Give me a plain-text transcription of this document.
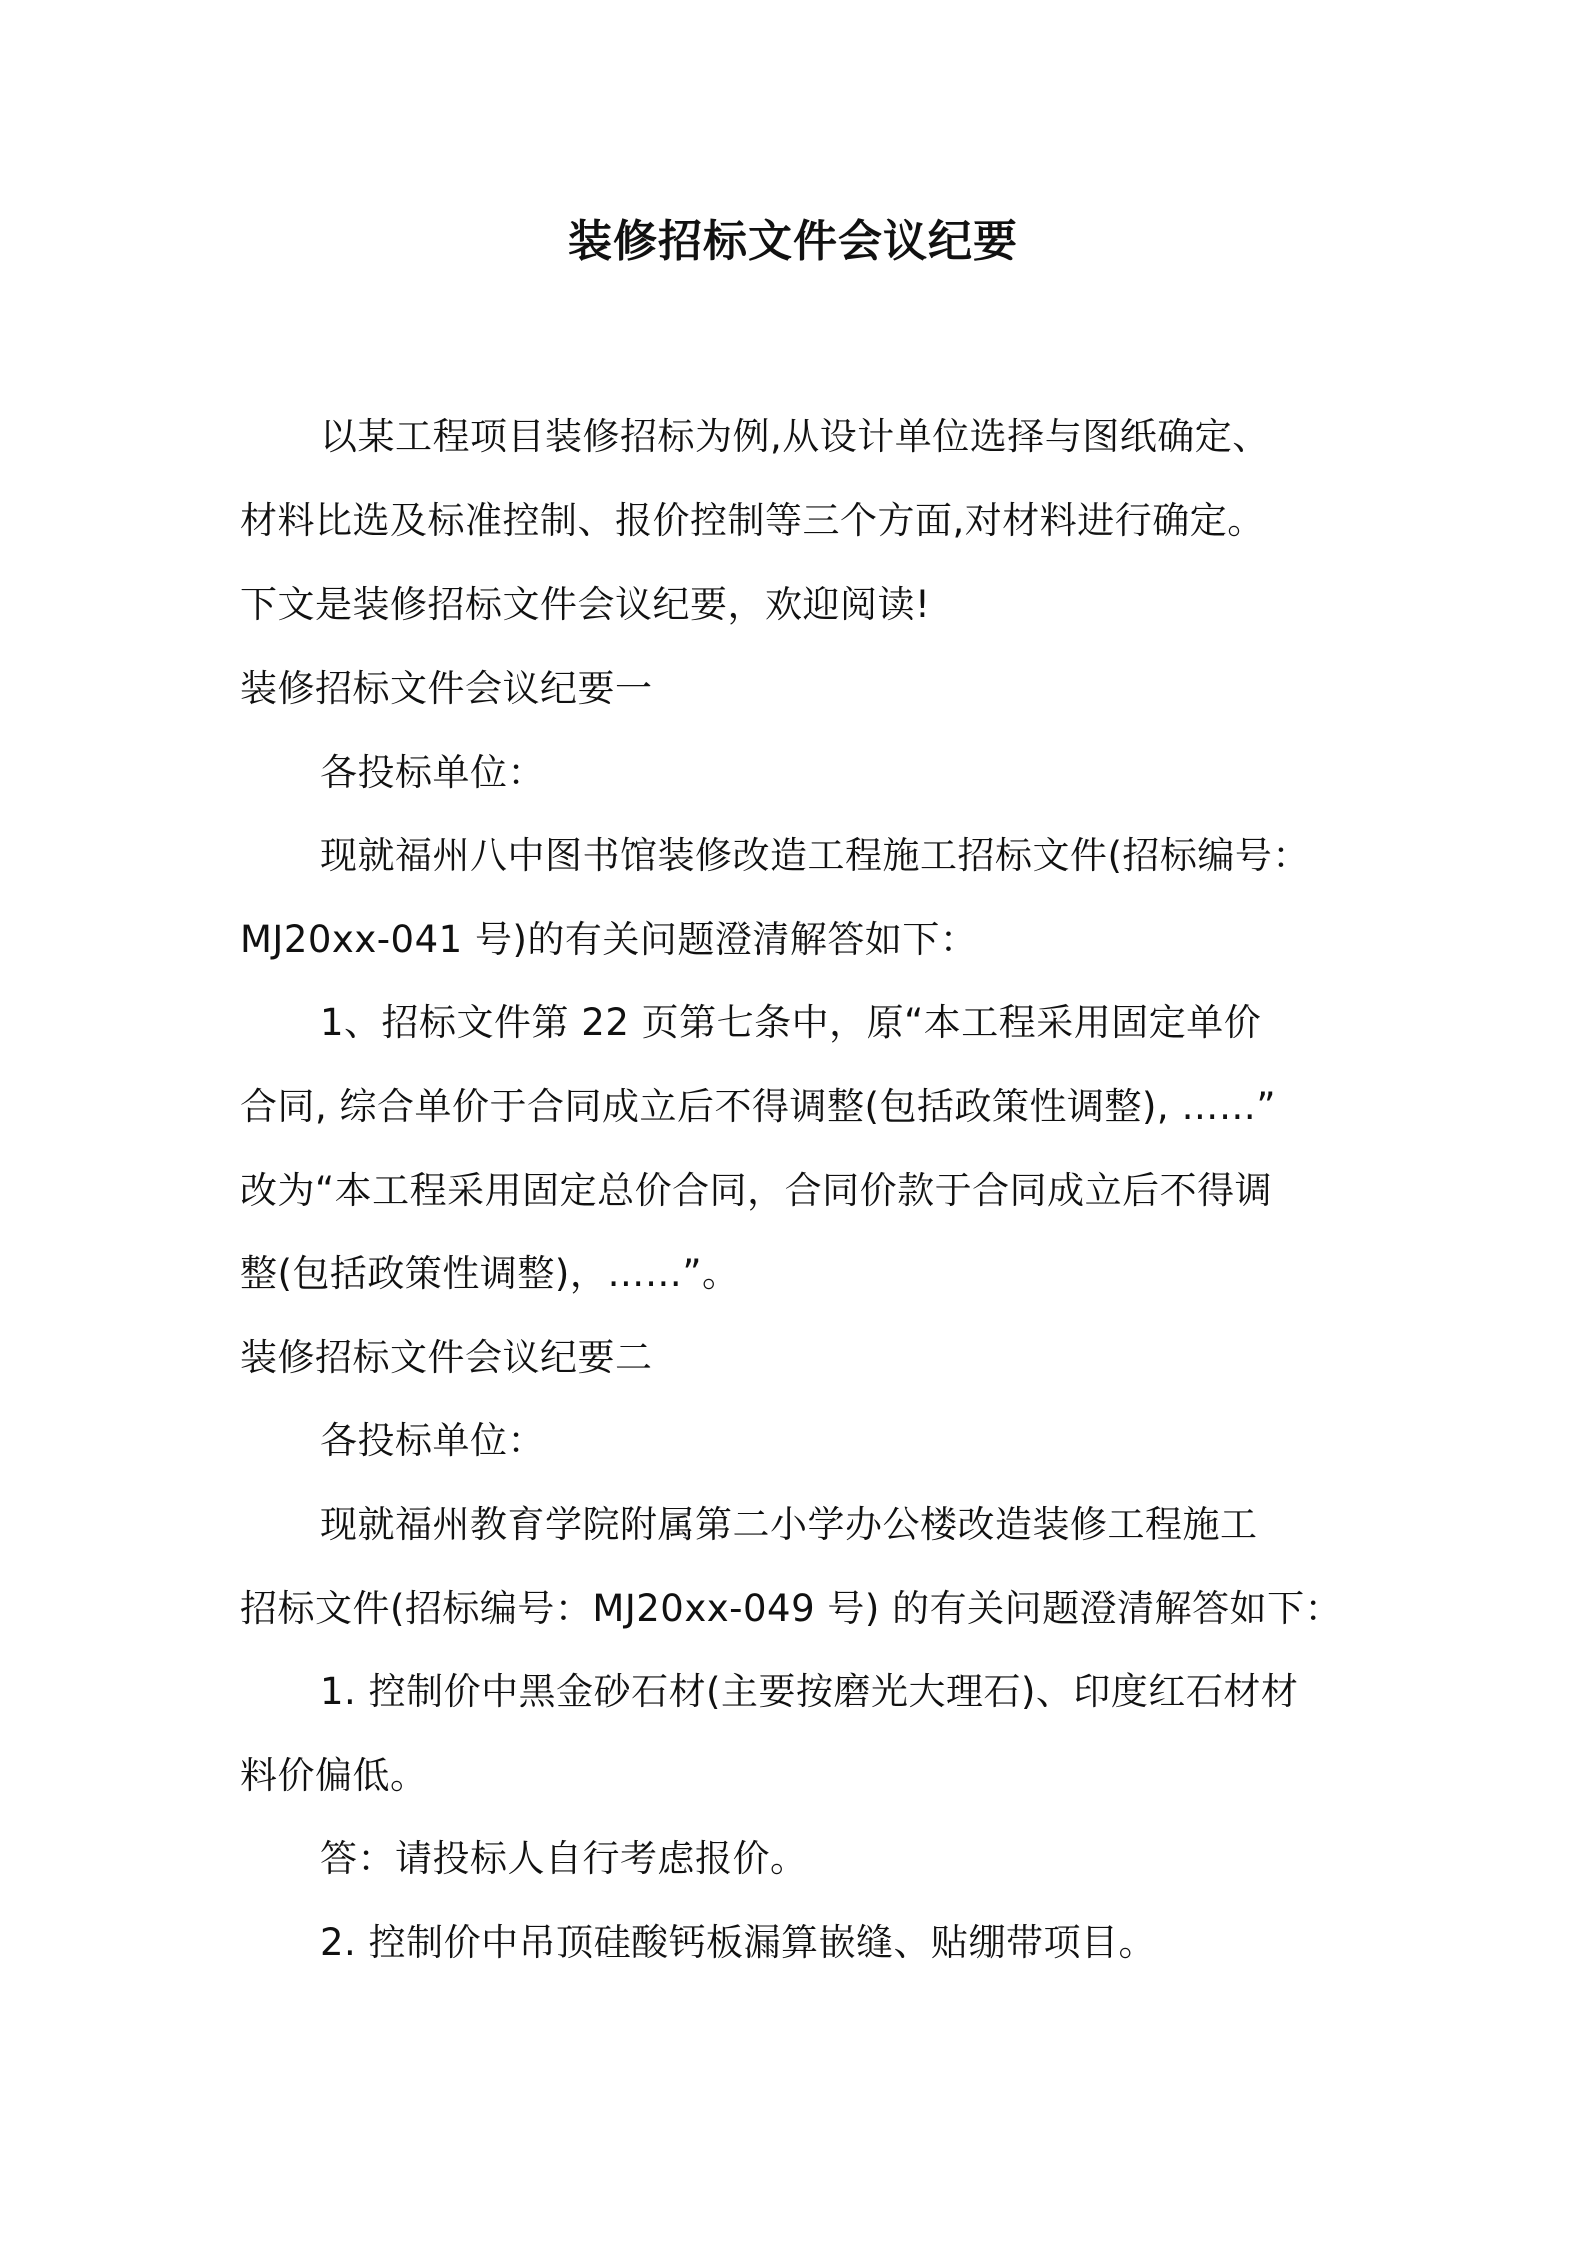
装修招标文件会议纪要
以某工程项目装修招标为例,从设计单位选择与图纸确定、
材料比选及标准控制、报价控制等三个方面,对材料进行确定。
下文是装修招标文件会议纪要，欢迎阅读!
装修招标文件会议纪要一
各投标单位：
现就福州八中图书馆装修改造工程施工招标文件(招标编号：
MJ20xx-041 号)的有关问题澄清解答如下：
1、招标文件第 22 页第七条中，原“本工程采用固定单价
合同, 综合单价于合同成立后不得调整(包括政策性调整), ……”
改为“本工程采用固定总价合同，合同价款于合同成立后不得调
整(包括政策性调整)，……”。
装修招标文件会议纪要二
各投标单位：
现就福州教育学院附属第二小学办公楼改造装修工程施工
招标文件(招标编号：MJ20xx-049 号) 的有关问题澄清解答如下：
1. 控制价中黑金砂石材(主要按磨光大理石)、印度红石材材
料价偏低。
答：请投标人自行考虑报价。
2. 控制价中吊顶硅酸钙板漏算嵌缝、贴绷带项目。
